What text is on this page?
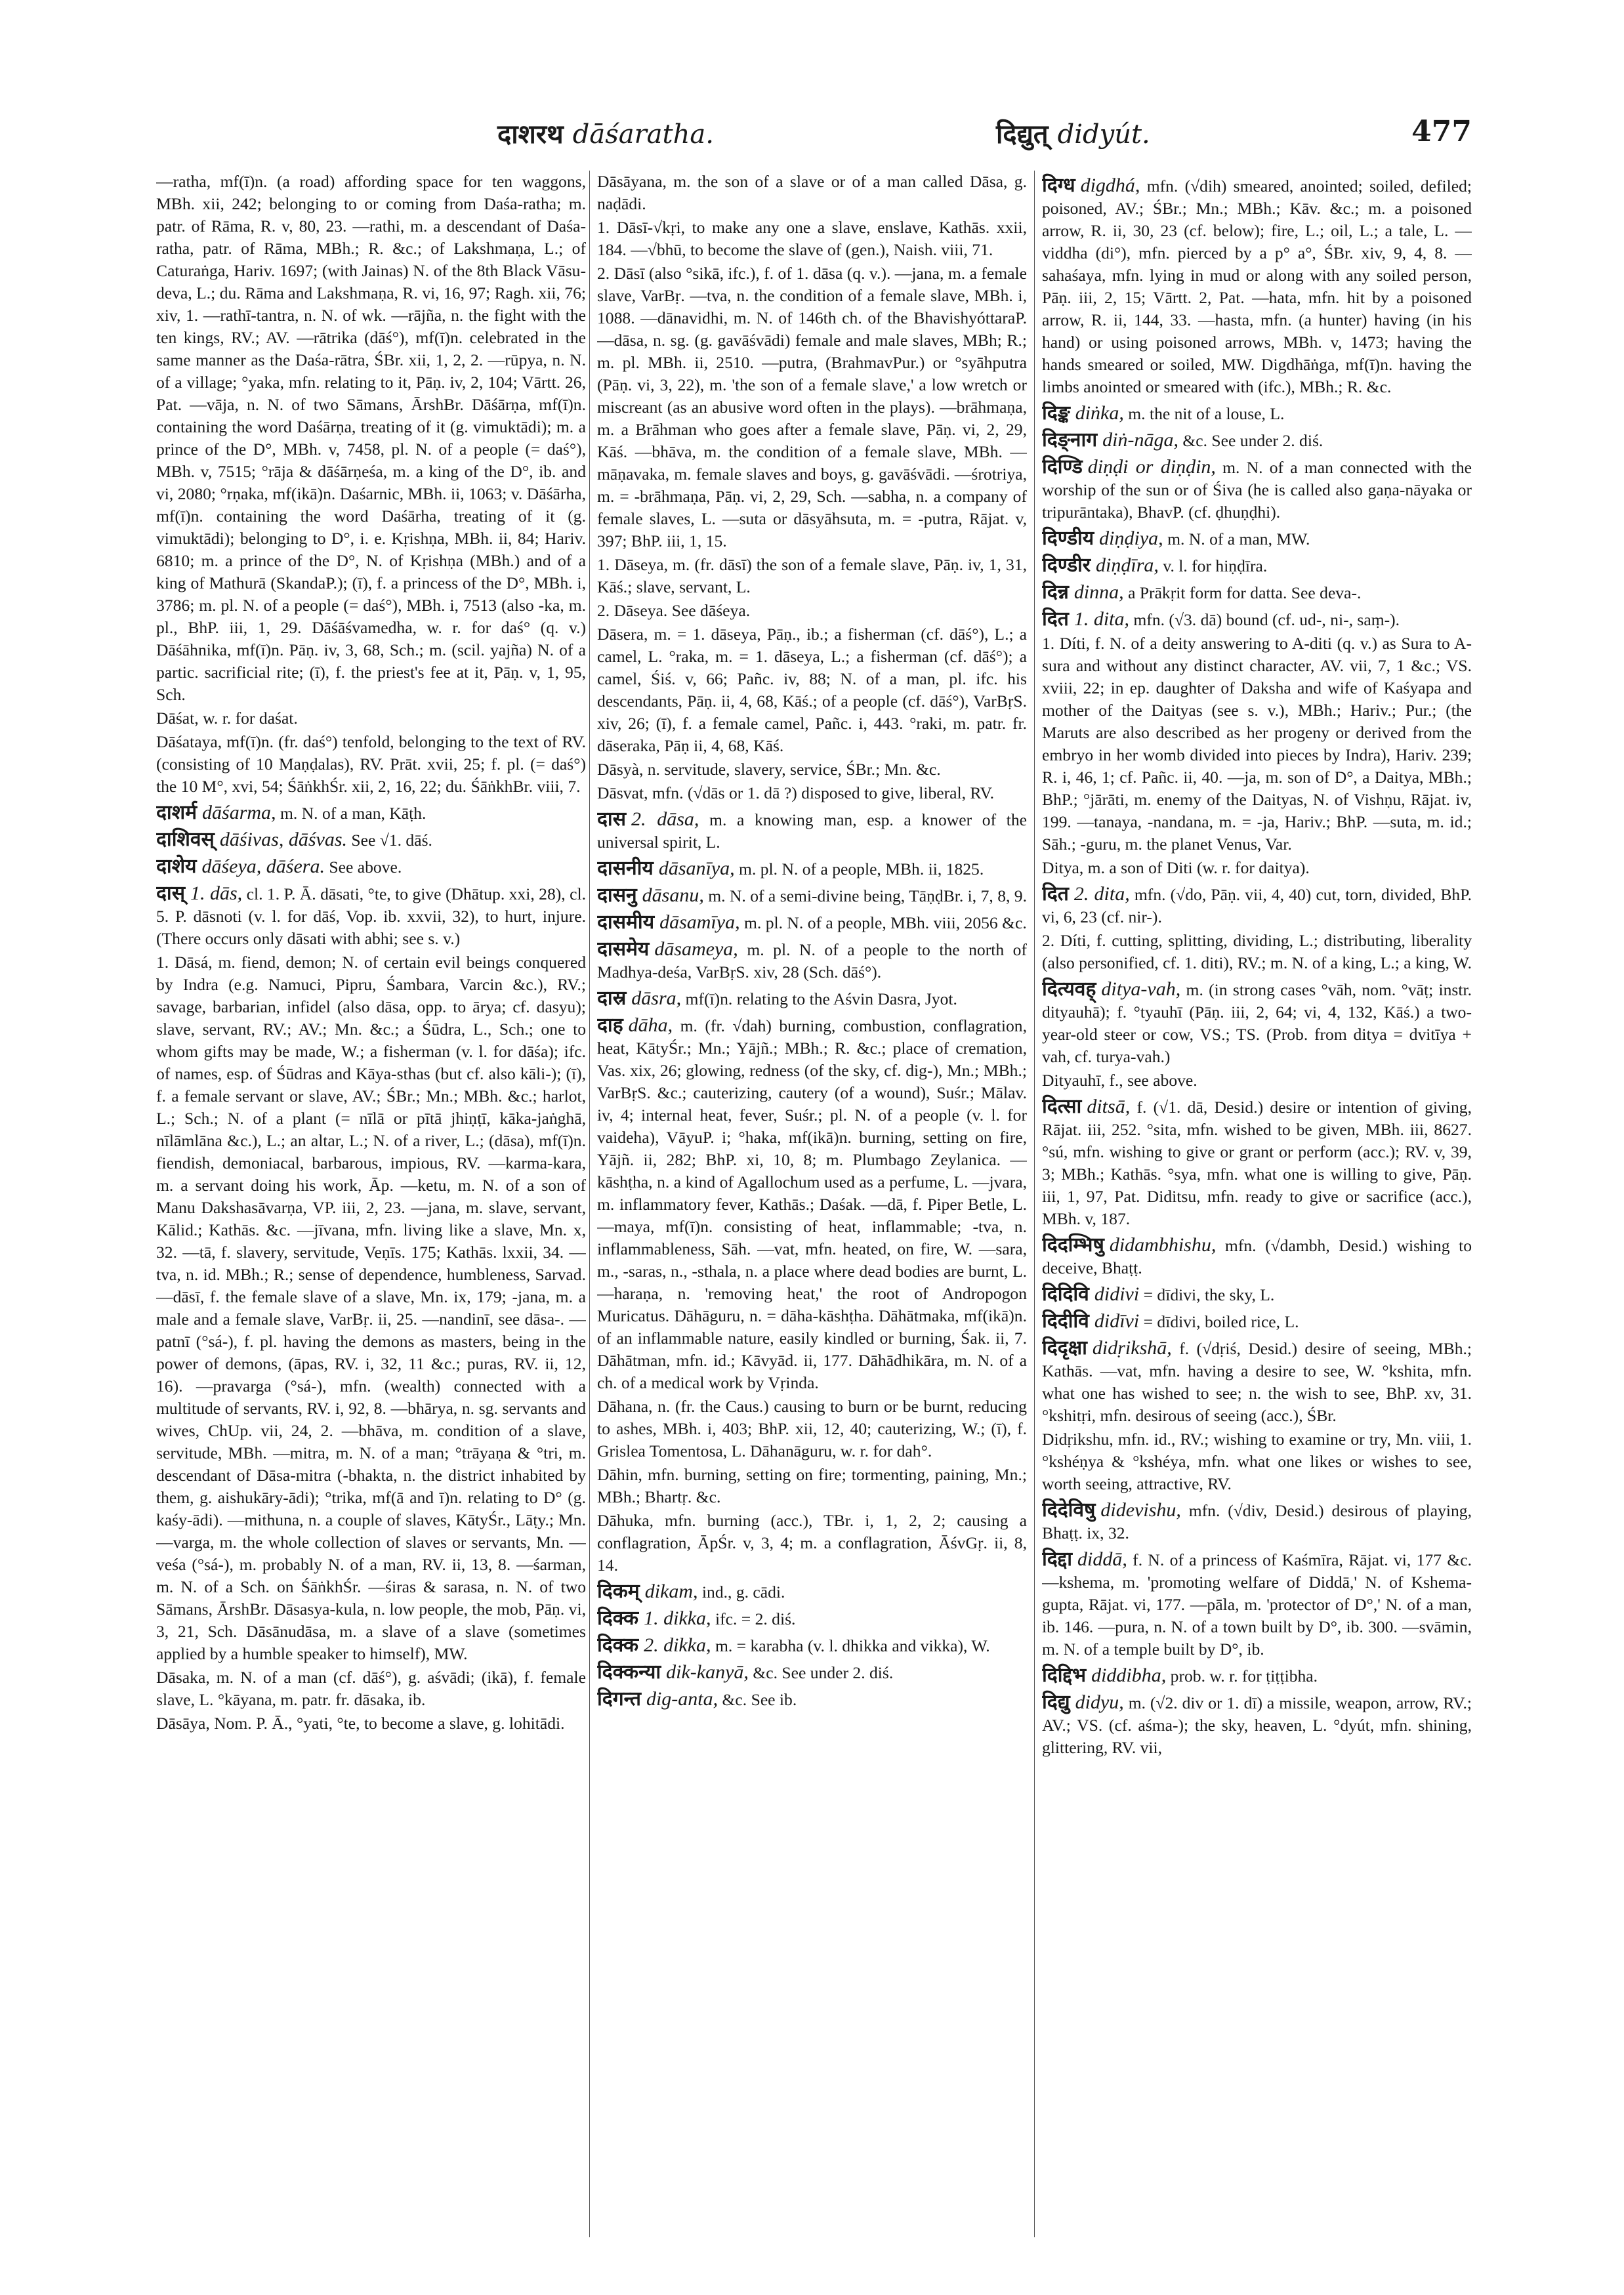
दाशरथ dāśaratha.	दिद्युत् didyút.	477

—ratha, mf(ī)n. (a road) affording space for ten waggons, MBh. xii, 242; belonging to or coming from Daśa-ratha; m. patr. of Rāma, R. v, 80, 23. —rathi, m. a descendant of Daśa-ratha, patr. of Rāma, MBh.; R. &c.; of Lakshmaṇa, L.; of Caturaṅga, Hariv. 1697; (with Jainas) N. of the 8th Black Vāsu-deva, L.; du. Rāma and Lakshmaṇa, R. vi, 16, 97; Ragh. xii, 76; xiv, 1. —rathī-tantra, n. N. of wk. —rājña, n. the fight with the ten kings, RV.; AV. —rātrika (dāś°), mf(ī)n. celebrated in the same manner as the Daśa-rātra, ŚBr. xii, 1, 2, 2. —rūpya, n. N. of a village; °yaka, mfn. relating to it, Pāṇ. iv, 2, 104; Vārtt. 26, Pat. —vāja, n. N. of two Sāmans, ĀrshBr. Dāśārṇa, mf(ī)n. containing the word Daśārṇa, treating of it (g. vimuktādi); m. a prince of the D°, MBh. v, 7458, pl. N. of a people (= daś°), MBh. v, 7515; °rāja & dāśārṇeśa, m. a king of the D°, ib. and vi, 2080; °rṇaka, mf(ikā)n. Daśarnic, MBh. ii, 1063; v. Dāśārha, mf(ī)n. containing the word Daśārha, treating of it (g. vimuktādi); belonging to D°, i. e. Kṛishṇa, MBh. ii, 84; Hariv. 6810; m. a prince of the D°, N. of Kṛishṇa (MBh.) and of a king of Mathurā (SkandaP.); (ī), f. a princess of the D°, MBh. i, 3786; m. pl. N. of a people (= daś°), MBh. i, 7513 (also -ka, m. pl., BhP. iii, 1, 29. Dāśāśvamedha, w. r. for daś° (q. v.) Dāśāhnika, mf(ī)n. Pāṇ. iv, 3, 68, Sch.; m. (scil. yajña) N. of a partic. sacrificial rite; (ī), f. the priest's fee at it, Pāṇ. v, 1, 95, Sch.

Dāśat, w. r. for daśat.

Dāśataya, mf(ī)n. (fr. daś°) tenfold, belonging to the text of RV. (consisting of 10 Maṇḍalas), RV. Prāt. xvii, 25; f. pl. (= daś°) the 10 M°, xvi, 54; ŚāṅkhŚr. xii, 2, 16, 22; du. ŚāṅkhBr. viii, 7.

दाशर्म dāśarma, m. N. of a man, Kāṭh.

दाशिवस् dāśivas, dāśvas. See √1. dāś.

दाशेय dāśeya, dāśera. See above.

दास् 1. dās, cl. 1. P. Ā. dāsati, °te, to give (Dhātup. xxi, 28), cl. 5. P. dāsnoti (v. l. for dāś, Vop. ib. xxvii, 32), to hurt, injure. (There occurs only dāsati with abhi; see s. v.)

1. Dāsá, m. fiend, demon; N. of certain evil beings conquered by Indra (e.g. Namuci, Pipru, Śambara, Varcin &c.), RV.; savage, barbarian, infidel (also dāsa, opp. to ārya; cf. dasyu); slave, servant, RV.; AV.; Mn. &c.; a Śūdra, L., Sch.; one to whom gifts may be made, W.; a fisherman (v. l. for dāśa); ifc. of names, esp. of Śūdras and Kāya-sthas (but cf. also kāli-); (ī), f. a female servant or slave, AV.; ŚBr.; Mn.; MBh. &c.; harlot, L.; Sch.; N. of a plant (= nīlā or pītā jhiṇṭī, kāka-jaṅghā, nīlāmlāna &c.), L.; an altar, L.; N. of a river, L.; (dāsa), mf(ī)n. fiendish, demoniacal, barbarous, impious, RV. —karma-kara, m. a servant doing his work, Āp. —ketu, m. N. of a son of Manu Dakshasāvarṇa, VP. iii, 2, 23. —jana, m. slave, servant, Kālid.; Kathās. &c. —jīvana, mfn. living like a slave, Mn. x, 32. —tā, f. slavery, servitude, Veṇīs. 175; Kathās. lxxii, 34. —tva, n. id. MBh.; R.; sense of dependence, humbleness, Sarvad. —dāsī, f. the female slave of a slave, Mn. ix, 179; -jana, m. a male and a female slave, VarBṛ. ii, 25. —nandinī, see dāsa-. —patnī (°sá-), f. pl. having the demons as masters, being in the power of demons, (āpas, RV. i, 32, 11 &c.; puras, RV. ii, 12, 16). —pravarga (°sá-), mfn. (wealth) connected with a multitude of servants, RV. i, 92, 8. —bhārya, n. sg. servants and wives, ChUp. vii, 24, 2. —bhāva, m. condition of a slave, servitude, MBh. —mitra, m. N. of a man; °trāyaṇa & °tri, m. descendant of Dāsa-mitra (-bhakta, n. the district inhabited by them, g. aishukāry-ādi); °trika, mf(ā and ī)n. relating to D° (g. kaśy-ādi). —mithuna, n. a couple of slaves, KātyŚr., Lāṭy.; Mn. —varga, m. the whole collection of slaves or servants, Mn. —veśa (°sá-), m. probably N. of a man, RV. ii, 13, 8. —śarman, m. N. of a Sch. on ŚāṅkhŚr. —śiras & sarasa, n. N. of two Sāmans, ĀrshBr. Dāsasya-kula, n. low people, the mob, Pāṇ. vi, 3, 21, Sch. Dāsānudāsa, m. a slave of a slave (sometimes applied by a humble speaker to himself), MW.

Dāsaka, m. N. of a man (cf. dāś°), g. aśvādi; (ikā), f. female slave, L. °kāyana, m. patr. fr. dāsaka, ib.

Dāsāya, Nom. P. Ā., °yati, °te, to become a slave, g. lohitādi.

Dāsāyana, m. the son of a slave or of a man called Dāsa, g. naḍādi.

1. Dāsī-√kṛi, to make any one a slave, enslave, Kathās. xxii, 184. —√bhū, to become the slave of (gen.), Naish. viii, 71.

2. Dāsī (also °sikā, ifc.), f. of 1. dāsa (q. v.). —jana, m. a female slave, VarBṛ. —tva, n. the condition of a female slave, MBh. i, 1088. —dānavidhi, m. N. of 146th ch. of the BhavishyóttaraP. —dāsa, n. sg. (g. gavāśvādi) female and male slaves, MBh; R.; m. pl. MBh. ii, 2510. —putra, (BrahmavPur.) or °syāhputra (Pāṇ. vi, 3, 22), m. 'the son of a female slave,' a low wretch or miscreant (as an abusive word often in the plays). —brāhmaṇa, m. a Brāhman who goes after a female slave, Pāṇ. vi, 2, 29, Kāś. —bhāva, m. the condition of a female slave, MBh. —māṇavaka, m. female slaves and boys, g. gavāśvādi. —śrotriya, m. = -brāhmaṇa, Pāṇ. vi, 2, 29, Sch. —sabha, n. a company of female slaves, L. —suta or dāsyāhsuta, m. = -putra, Rājat. v, 397; BhP. iii, 1, 15.

1. Dāseya, m. (fr. dāsī) the son of a female slave, Pāṇ. iv, 1, 31, Kāś.; slave, servant, L.

2. Dāseya. See dāśeya.

Dāsera, m. = 1. dāseya, Pāṇ., ib.; a fisherman (cf. dāś°), L.; a camel, L. °raka, m. = 1. dāseya, L.; a fisherman (cf. dāś°); a camel, Śiś. v, 66; Pañc. iv, 88; N. of a man, pl. ifc. his descendants, Pāṇ. ii, 4, 68, Kāś.; of a people (cf. dāś°), VarBṛS. xiv, 26; (ī), f. a female camel, Pañc. i, 443. °raki, m. patr. fr. dāseraka, Pāṇ ii, 4, 68, Kāś.

Dāsyà, n. servitude, slavery, service, ŚBr.; Mn. &c.

Dāsvat, mfn. (√dās or 1. dā ?) disposed to give, liberal, RV.

दास 2. dāsa, m. a knowing man, esp. a knower of the universal spirit, L.

दासनीय dāsanīya, m. pl. N. of a people, MBh. ii, 1825.

दासनु dāsanu, m. N. of a semi-divine being, TāṇḍBr. i, 7, 8, 9.

दासमीय dāsamīya, m. pl. N. of a people, MBh. viii, 2056 &c.

दासमेय dāsameya, m. pl. N. of a people to the north of Madhya-deśa, VarBṛS. xiv, 28 (Sch. dāś°).

दास्र dāsra, mf(ī)n. relating to the Aśvin Dasra, Jyot.

दाह dāha, m. (fr. √dah) burning, combustion, conflagration, heat, KātyŚr.; Mn.; Yājñ.; MBh.; R. &c.; place of cremation, Vas. xix, 26; glowing, redness (of the sky, cf. dig-), Mn.; MBh.; VarBṛS. &c.; cauterizing, cautery (of a wound), Suśr.; Mālav. iv, 4; internal heat, fever, Suśr.; pl. N. of a people (v. l. for vaideha), VāyuP. i; °haka, mf(ikā)n. burning, setting on fire, Yājñ. ii, 282; BhP. xi, 10, 8; m. Plumbago Zeylanica. —kāshṭha, n. a kind of Agallochum used as a perfume, L. —jvara, m. inflammatory fever, Kathās.; Daśak. —dā, f. Piper Betle, L. —maya, mf(ī)n. consisting of heat, inflammable; -tva, n. inflammableness, Sāh. —vat, mfn. heated, on fire, W. —sara, m., -saras, n., -sthala, n. a place where dead bodies are burnt, L. —haraṇa, n. 'removing heat,' the root of Andropogon Muricatus. Dāhāguru, n. = dāha-kāshṭha. Dāhātmaka, mf(ikā)n. of an inflammable nature, easily kindled or burning, Śak. ii, 7. Dāhātman, mfn. id.; Kāvyād. ii, 177. Dāhādhikāra, m. N. of a ch. of a medical work by Vṛinda.

Dāhana, n. (fr. the Caus.) causing to burn or be burnt, reducing to ashes, MBh. i, 403; BhP. xii, 12, 40; cauterizing, W.; (ī), f. Grislea Tomentosa, L. Dāhanāguru, w. r. for dah°.

Dāhin, mfn. burning, setting on fire; tormenting, paining, Mn.; MBh.; Bhartṛ. &c.

Dāhuka, mfn. burning (acc.), TBr. i, 1, 2, 2; causing a conflagration, ĀpŚr. v, 3, 4; m. a conflagration, ĀśvGṛ. ii, 8, 14.

दिकम् dikam, ind., g. cādi.

दिक्क 1. dikka, ifc. = 2. diś.

दिक्क 2. dikka, m. = karabha (v. l. dhikka and vikka), W.

दिक्कन्या dik-kanyā, &c. See under 2. diś.

दिगन्त dig-anta, &c. See ib.

दिग्ध digdhá, mfn. (√dih) smeared, anointed; soiled, defiled; poisoned, AV.; ŚBr.; Mn.; MBh.; Kāv. &c.; m. a poisoned arrow, R. ii, 30, 23 (cf. below); fire, L.; oil, L.; a tale, L. —viddha (di°), mfn. pierced by a p° a°, ŚBr. xiv, 9, 4, 8. —sahaśaya, mfn. lying in mud or along with any soiled person, Pāṇ. iii, 2, 15; Vārtt. 2, Pat. —hata, mfn. hit by a poisoned arrow, R. ii, 144, 33. —hasta, mfn. (a hunter) having (in his hand) or using poisoned arrows, MBh. v, 1473; having the hands smeared or soiled, MW. Digdhāṅga, mf(ī)n. having the limbs anointed or smeared with (ifc.), MBh.; R. &c.

दिङ्क diṅka, m. the nit of a louse, L.

दिङ्नाग diṅ-nāga, &c. See under 2. diś.

दिण्डि diṇḍi or diṇḍin, m. N. of a man connected with the worship of the sun or of Śiva (he is called also gaṇa-nāyaka or tripurāntaka), BhavP. (cf. ḍhuṇḍhi).

दिण्डीय diṇḍiya, m. N. of a man, MW.

दिण्डीर diṇḍīra, v. l. for hiṇḍīra.

दिन्न dinna, a Prākṛit form for datta. See deva-.

दित 1. dita, mfn. (√3. dā) bound (cf. ud-, ni-, saṃ-).

1. Díti, f. N. of a deity answering to A-diti (q. v.) as Sura to A-sura and without any distinct character, AV. vii, 7, 1 &c.; VS. xviii, 22; in ep. daughter of Daksha and wife of Kaśyapa and mother of the Daityas (see s. v.), MBh.; Hariv.; Pur.; (the Maruts are also described as her progeny or derived from the embryo in her womb divided into pieces by Indra), Hariv. 239; R. i, 46, 1; cf. Pañc. ii, 40. —ja, m. son of D°, a Daitya, MBh.; BhP.; °jārāti, m. enemy of the Daityas, N. of Vishṇu, Rājat. iv, 199. —tanaya, -nandana, m. = -ja, Hariv.; BhP. —suta, m. id.; Sāh.; -guru, m. the planet Venus, Var.

Ditya, m. a son of Diti (w. r. for daitya).

दित 2. dita, mfn. (√do, Pāṇ. vii, 4, 40) cut, torn, divided, BhP. vi, 6, 23 (cf. nir-).

2. Díti, f. cutting, splitting, dividing, L.; distributing, liberality (also personified, cf. 1. diti), RV.; m. N. of a king, L.; a king, W.

दित्यवह् ditya-vah, m. (in strong cases °vāh, nom. °vāṭ; instr. dityauhā); f. °tyauhī (Pāṇ. iii, 2, 64; vi, 4, 132, Kāś.) a two-year-old steer or cow, VS.; TS. (Prob. from ditya = dvitīya + vah, cf. turya-vah.)

Dityauhī, f., see above.

दित्सा ditsā, f. (√1. dā, Desid.) desire or intention of giving, Rājat. iii, 252. °sita, mfn. wished to be given, MBh. iii, 8627. °sú, mfn. wishing to give or grant or perform (acc.); RV. v, 39, 3; MBh.; Kathās. °sya, mfn. what one is willing to give, Pāṇ. iii, 1, 97, Pat. Diditsu, mfn. ready to give or sacrifice (acc.), MBh. v, 187.

दिदम्भिषु didambhishu, mfn. (√dambh, Desid.) wishing to deceive, Bhaṭṭ.

दिदिवि didivi = dīdivi, the sky, L.

दिदीवि didīvi = dīdivi, boiled rice, L.

दिदृक्षा didṛikshā, f. (√dṛiś, Desid.) desire of seeing, MBh.; Kathās. —vat, mfn. having a desire to see, W. °kshita, mfn. what one has wished to see; n. the wish to see, BhP. xv, 31. °kshitṛi, mfn. desirous of seeing (acc.), ŚBr.

Didṛikshu, mfn. id., RV.; wishing to examine or try, Mn. viii, 1. °kshéṇya & °kshéya, mfn. what one likes or wishes to see, worth seeing, attractive, RV.

दिदेविषु didevishu, mfn. (√div, Desid.) desirous of playing, Bhaṭṭ. ix, 32.

दिद्दा diddā, f. N. of a princess of Kaśmīra, Rājat. vi, 177 &c. —kshema, m. 'promoting welfare of Diddā,' N. of Kshema-gupta, Rājat. vi, 177. —pāla, m. 'protector of D°,' N. of a man, ib. 146. —pura, n. N. of a town built by D°, ib. 300. —svāmin, m. N. of a temple built by D°, ib.

दिद्दिभ diddibha, prob. w. r. for ṭiṭṭibha.

दिद्यु didyu, m. (√2. div or 1. dī) a missile, weapon, arrow, RV.; AV.; VS. (cf. aśma-); the sky, heaven, L. °dyút, mfn. shining, glittering, RV. vii,
